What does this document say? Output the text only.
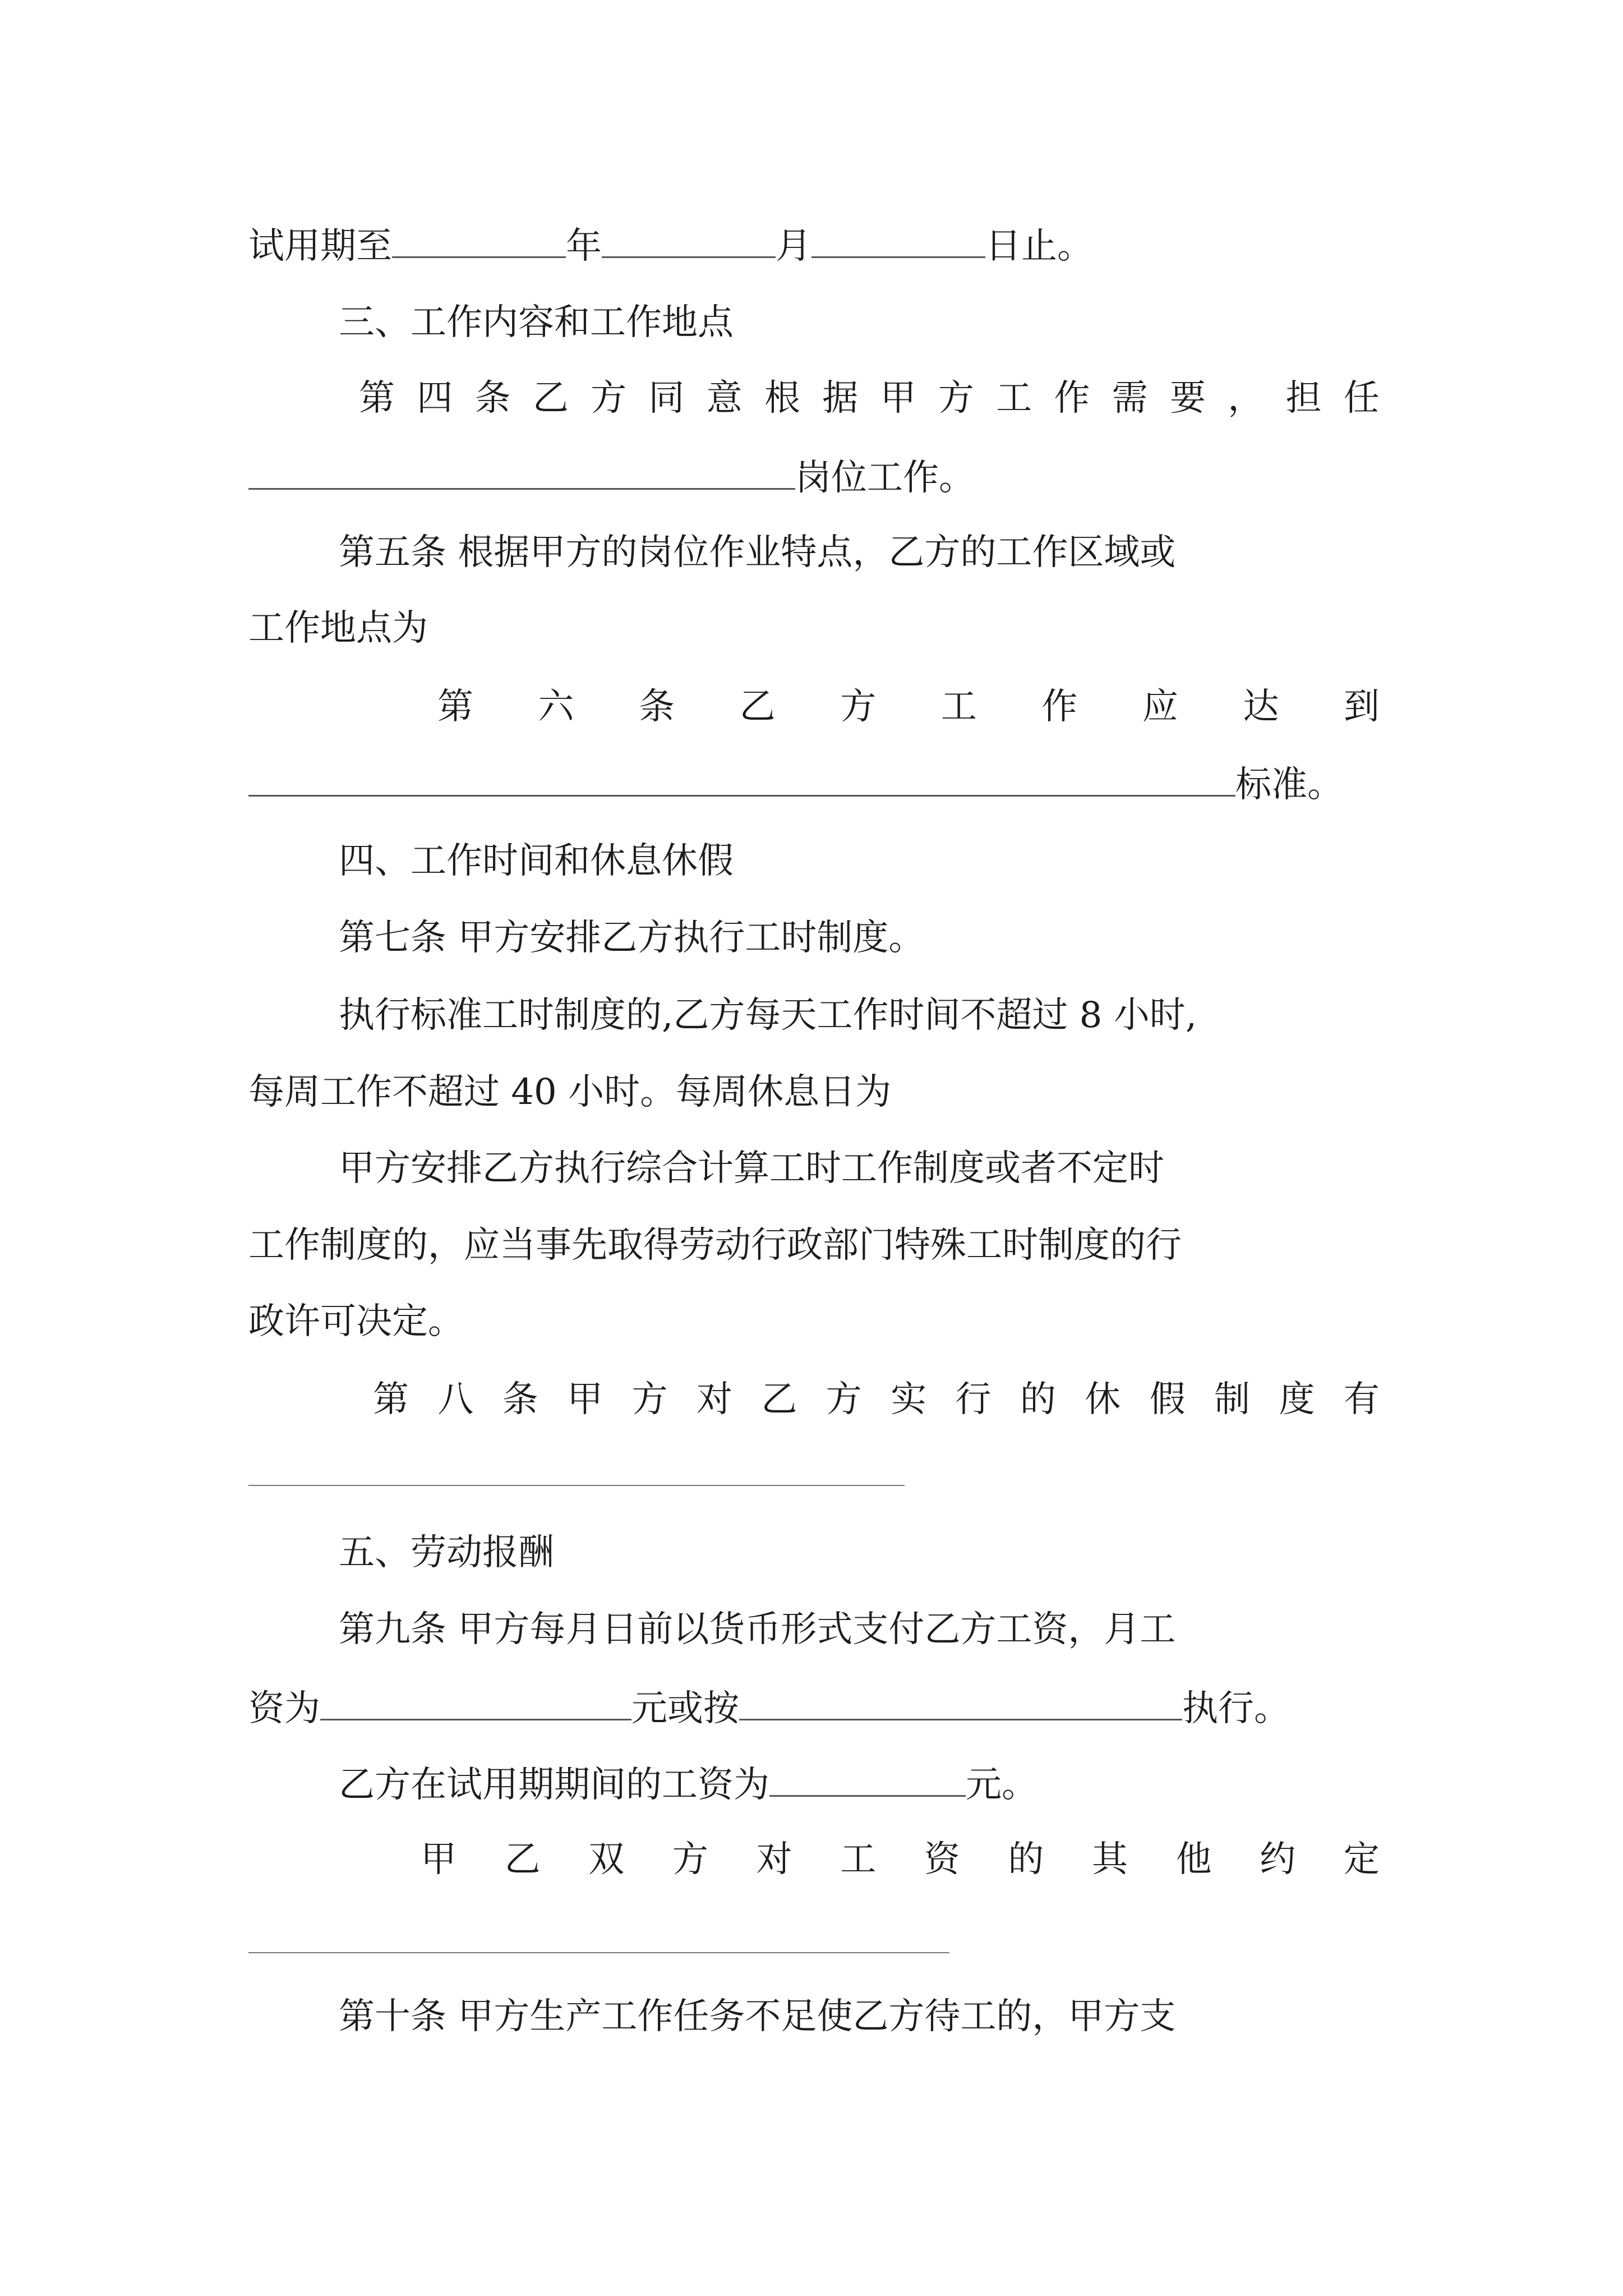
试用期至	年	月	日止。
三、工作内容和工作地点
第 四 条 乙 方 同 意 根 据 甲 方 工 作 需 要 ， 担 任
岗位工作。
第五条 根据甲方的岗位作业特点，乙方的工作区域或
工作地点为
第 六 条 乙 方 工 作 应 达 到
标准。
四、工作时间和休息休假
第七条 甲方安排乙方执行工时制度。
执行标准工时制度的,乙方每天工作时间不超过 8 小时,
每周工作不超过 40 小时。每周休息日为
甲方安排乙方执行综合计算工时工作制度或者不定时
工作制度的，应当事先取得劳动行政部门特殊工时制度的行
政许可决定。
第 八 条 甲 方 对 乙 方 实 行 的 休 假 制 度 有
五、劳动报酬
第九条 甲方每月日前以货币形式支付乙方工资，月工
资为	元或按	执行。
乙方在试用期期间的工资为	元。
甲 乙 双 方 对 工 资 的 其 他 约 定
第十条 甲方生产工作任务不足使乙方待工的，甲方支
